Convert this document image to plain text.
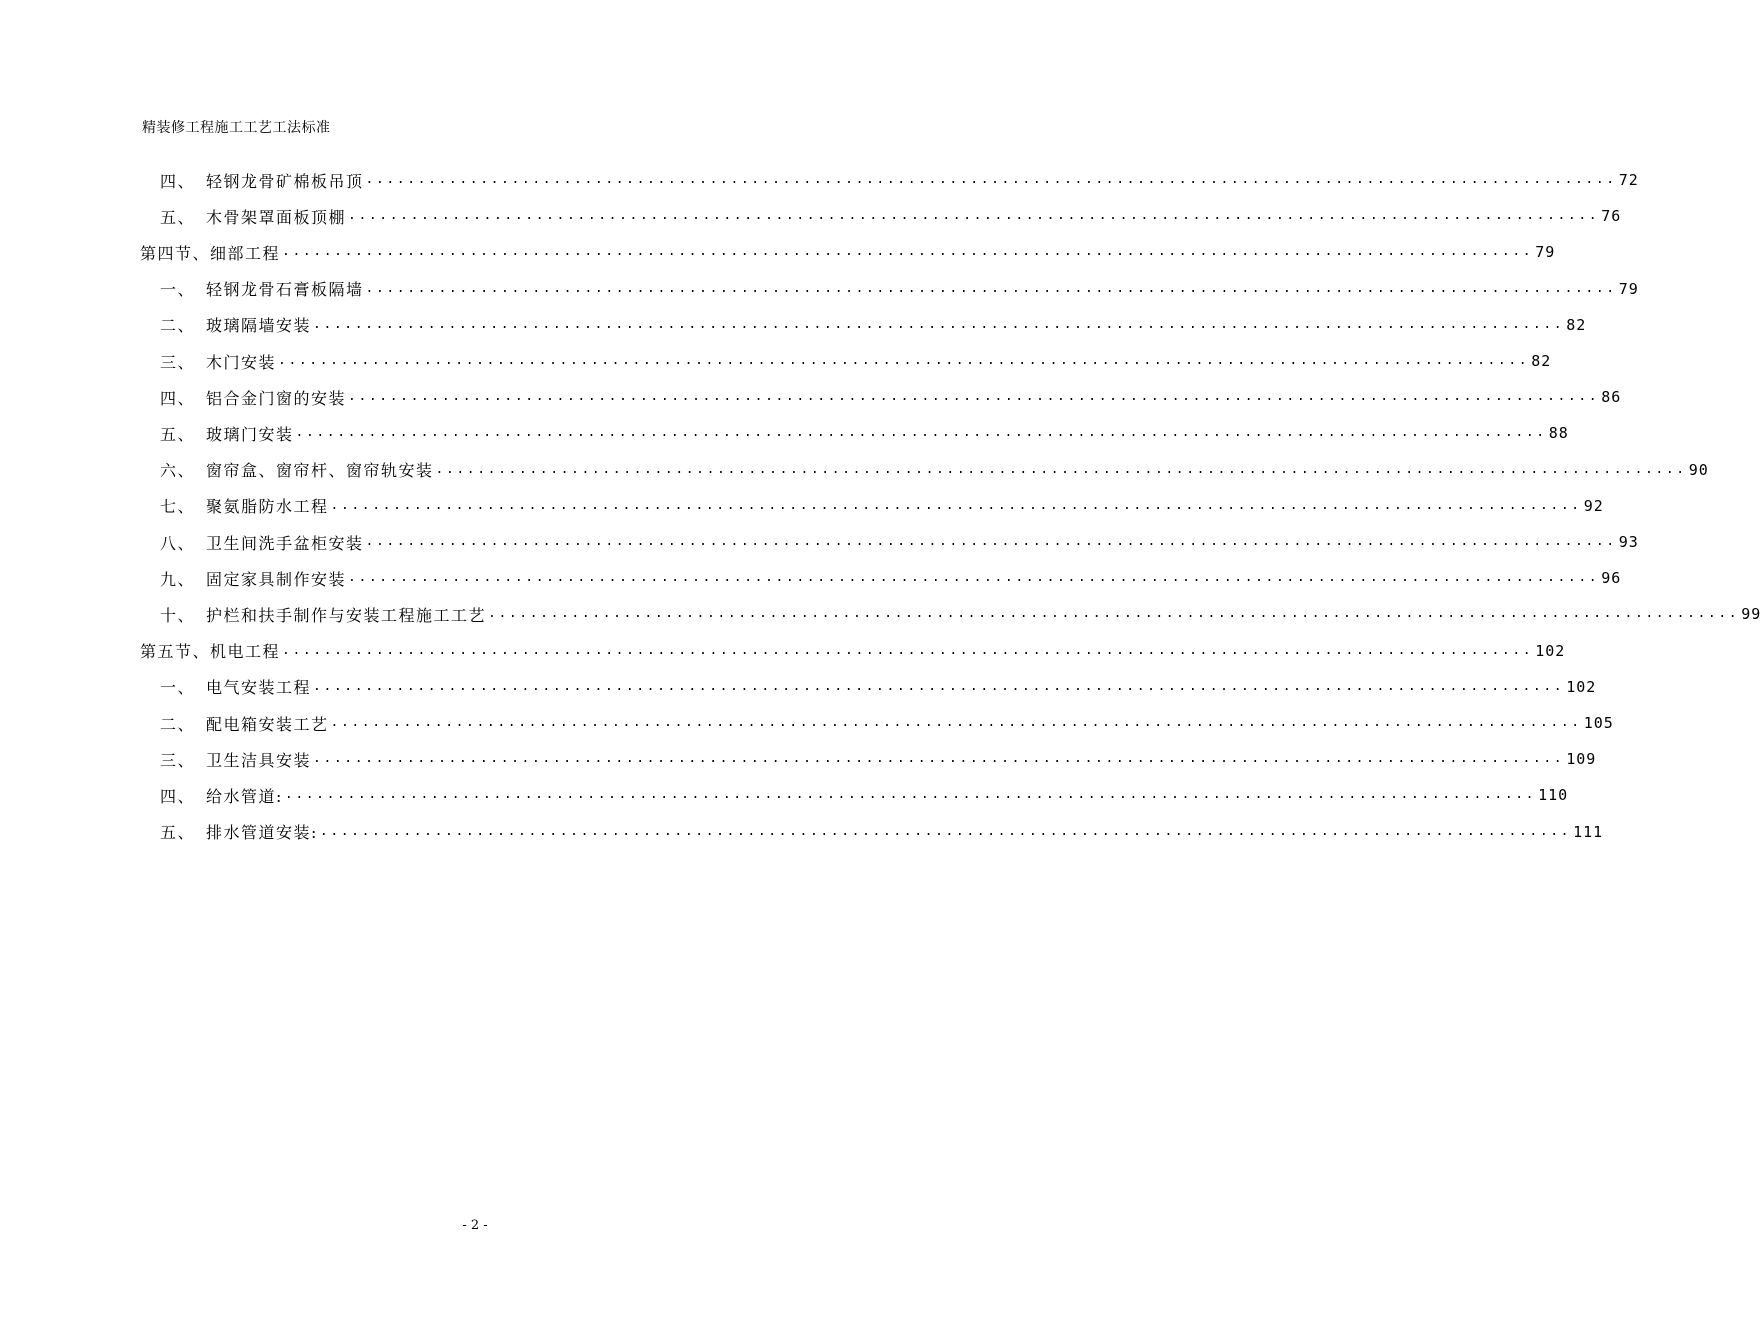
精装修工程施工工艺工法标准
四、 轻钢龙骨矿棉板吊顶 ........................................................................................................................ 72
五、 木骨架罩面板顶棚 ........................................................................................................................ 76
第四节、细部工程 ........................................................................................................................ 79
一、 轻钢龙骨石膏板隔墙 ........................................................................................................................ 79
二、 玻璃隔墙安装 ........................................................................................................................ 82
三、 木门安装 ........................................................................................................................ 82
四、 铝合金门窗的安装 ........................................................................................................................ 86
五、 玻璃门安装 ........................................................................................................................ 88
六、 窗帘盒、窗帘杆、窗帘轨安装 ........................................................................................................................ 90
七、 聚氨脂防水工程 ........................................................................................................................ 92
八、 卫生间洗手盆柜安装 ........................................................................................................................ 93
九、 固定家具制作安装 ........................................................................................................................ 96
十、 护栏和扶手制作与安装工程施工工艺 ........................................................................................................................ 99
第五节、机电工程 ........................................................................................................................ 102
一、 电气安装工程 ........................................................................................................................ 102
二、 配电箱安装工艺 ........................................................................................................................ 105
三、 卫生洁具安装 ........................................................................................................................ 109
四、 给水管道: ........................................................................................................................ 110
五、 排水管道安装: ........................................................................................................................ 111
- 2 -
